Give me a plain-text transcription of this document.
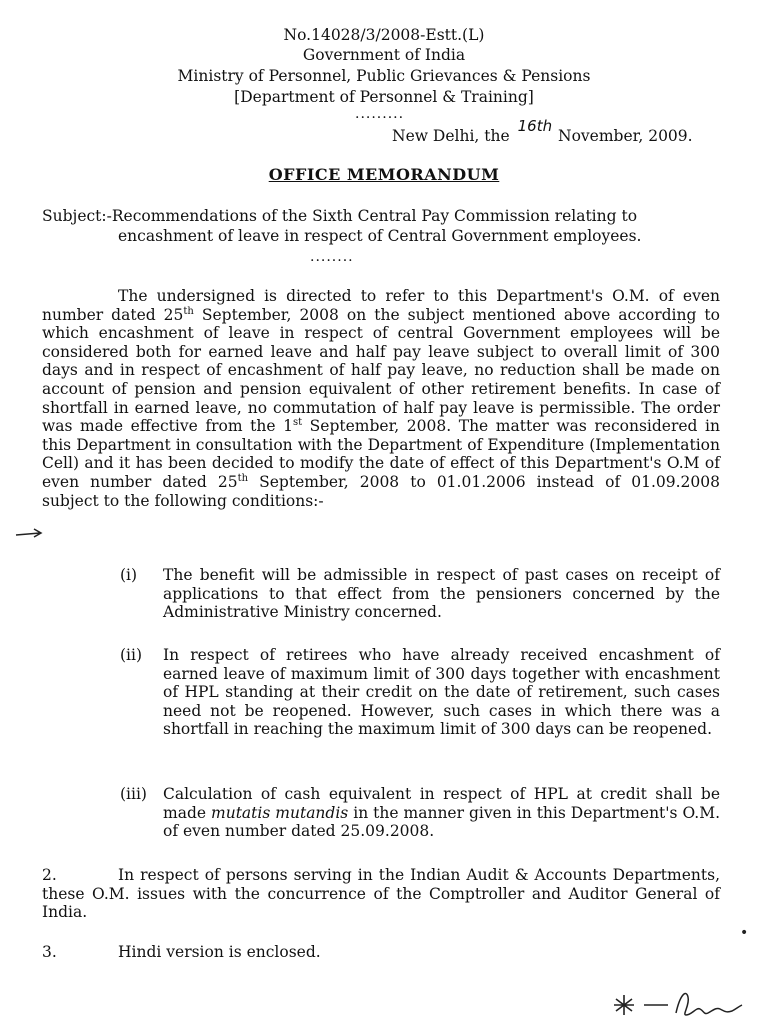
No.14028/3/2008-Estt.(L)
Government of India
Ministry of Personnel, Public Grievances & Pensions
[Department of Personnel & Training]
.........
New Delhi, the 16th November, 2009.
OFFICE MEMORANDUM
Subject:-Recommendations of the Sixth Central Pay Commission relating to
encashment of leave in respect of Central Government employees.
........
The undersigned is directed to refer to this Department's O.M. of even number dated 25th September, 2008 on the subject mentioned above according to which encashment of leave in respect of central Government employees will be considered both for earned leave and half pay leave subject to overall limit of 300 days and in respect of encashment of half pay leave, no reduction shall be made on account of pension and pension equivalent of other retirement benefits. In case of shortfall in earned leave, no commutation of half pay leave is permissible. The order was made effective from the 1st September, 2008. The matter was reconsidered in this Department in consultation with the Department of Expenditure (Implementation Cell) and it has been decided to modify the date of effect of this Department's O.M of even number dated 25th September, 2008 to 01.01.2006 instead of 01.09.2008 subject to the following conditions:-
(i) The benefit will be admissible in respect of past cases on receipt of applications to that effect from the pensioners concerned by the Administrative Ministry concerned.
(ii) In respect of retirees who have already received encashment of earned leave of maximum limit of 300 days together with encashment of HPL standing at their credit on the date of retirement, such cases need not be reopened. However, such cases in which there was a shortfall in reaching the maximum limit of 300 days can be reopened.
(iii) Calculation of cash equivalent in respect of HPL at credit shall be made mutatis mutandis in the manner given in this Department's O.M. of even number dated 25.09.2008.
2.	In respect of persons serving in the Indian Audit & Accounts Departments, these O.M. issues with the concurrence of the Comptroller and Auditor General of India.
3.	Hindi version is enclosed.
•
